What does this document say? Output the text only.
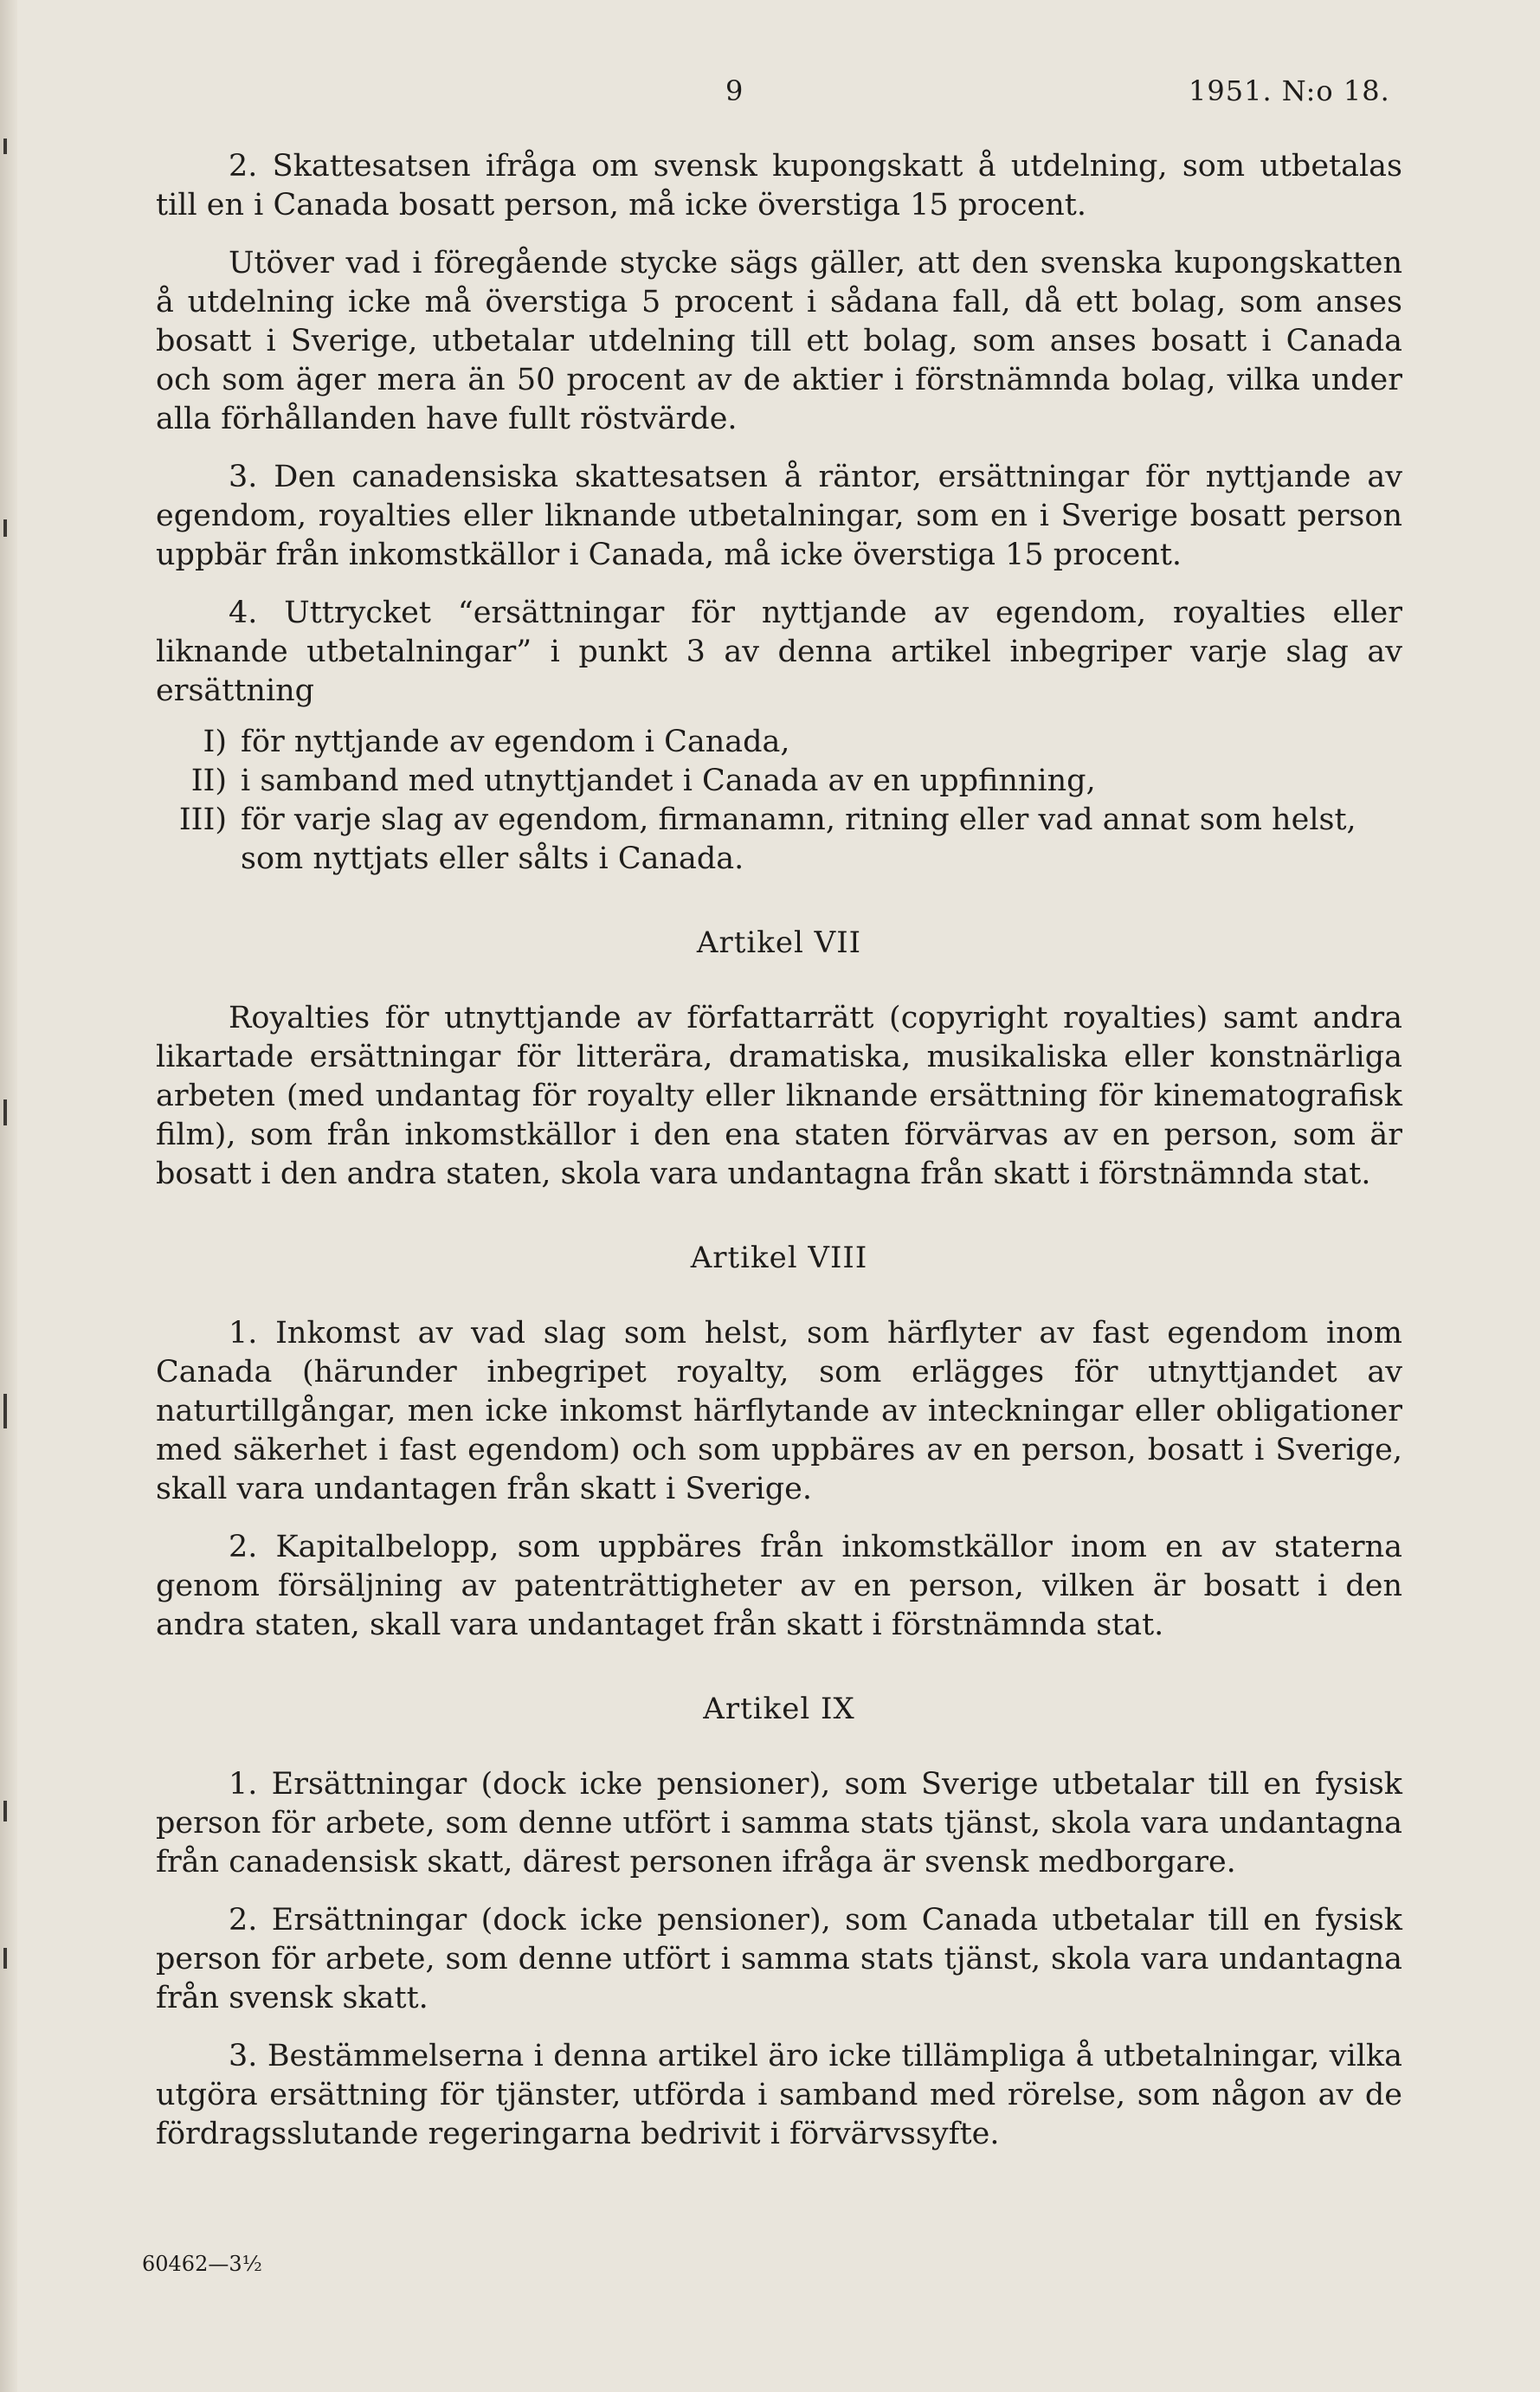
9	1951. N:o 18.

2. Skattesatsen ifråga om svensk kupongskatt å utdelning, som utbetalas till en i Canada bosatt person, må icke överstiga 15 procent.

Utöver vad i föregående stycke sägs gäller, att den svenska kupongskatten å utdelning icke må överstiga 5 procent i sådana fall, då ett bolag, som anses bosatt i Sverige, utbetalar utdelning till ett bolag, som anses bosatt i Canada och som äger mera än 50 procent av de aktier i förstnämnda bolag, vilka under alla förhållanden have fullt röstvärde.

3. Den canadensiska skattesatsen å räntor, ersättningar för nyttjande av egendom, royalties eller liknande utbetalningar, som en i Sverige bosatt person uppbär från inkomstkällor i Canada, må icke överstiga 15 procent.

4. Uttrycket “ersättningar för nyttjande av egendom, royalties eller liknande utbetalningar” i punkt 3 av denna artikel inbegriper varje slag av ersättning

I) för nyttjande av egendom i Canada,
II) i samband med utnyttjandet i Canada av en uppfinning,
III) för varje slag av egendom, firmanamn, ritning eller vad annat som helst, som nyttjats eller sålts i Canada.
Artikel VII

Royalties för utnyttjande av författarrätt (copyright royalties) samt andra likartade ersättningar för litterära, dramatiska, musikaliska eller konstnärliga arbeten (med undantag för royalty eller liknande ersättning för kinematografisk film), som från inkomstkällor i den ena staten förvärvas av en person, som är bosatt i den andra staten, skola vara undantagna från skatt i förstnämnda stat.

Artikel VIII

1. Inkomst av vad slag som helst, som härflyter av fast egendom inom Canada (härunder inbegripet royalty, som erlägges för utnyttjandet av naturtillgångar, men icke inkomst härflytande av inteckningar eller obligationer med säkerhet i fast egendom) och som uppbäres av en person, bosatt i Sverige, skall vara undantagen från skatt i Sverige.

2. Kapitalbelopp, som uppbäres från inkomstkällor inom en av staterna genom försäljning av patenträttigheter av en person, vilken är bosatt i den andra staten, skall vara undantaget från skatt i förstnämnda stat.

Artikel IX

1. Ersättningar (dock icke pensioner), som Sverige utbetalar till en fysisk person för arbete, som denne utfört i samma stats tjänst, skola vara undantagna från canadensisk skatt, därest personen ifråga är svensk medborgare.

2. Ersättningar (dock icke pensioner), som Canada utbetalar till en fysisk person för arbete, som denne utfört i samma stats tjänst, skola vara undantagna från svensk skatt.

3. Bestämmelserna i denna artikel äro icke tillämpliga å utbetalningar, vilka utgöra ersättning för tjänster, utförda i samband med rörelse, som någon av de fördragsslutande regeringarna bedrivit i förvärvssyfte.

60462—3½
